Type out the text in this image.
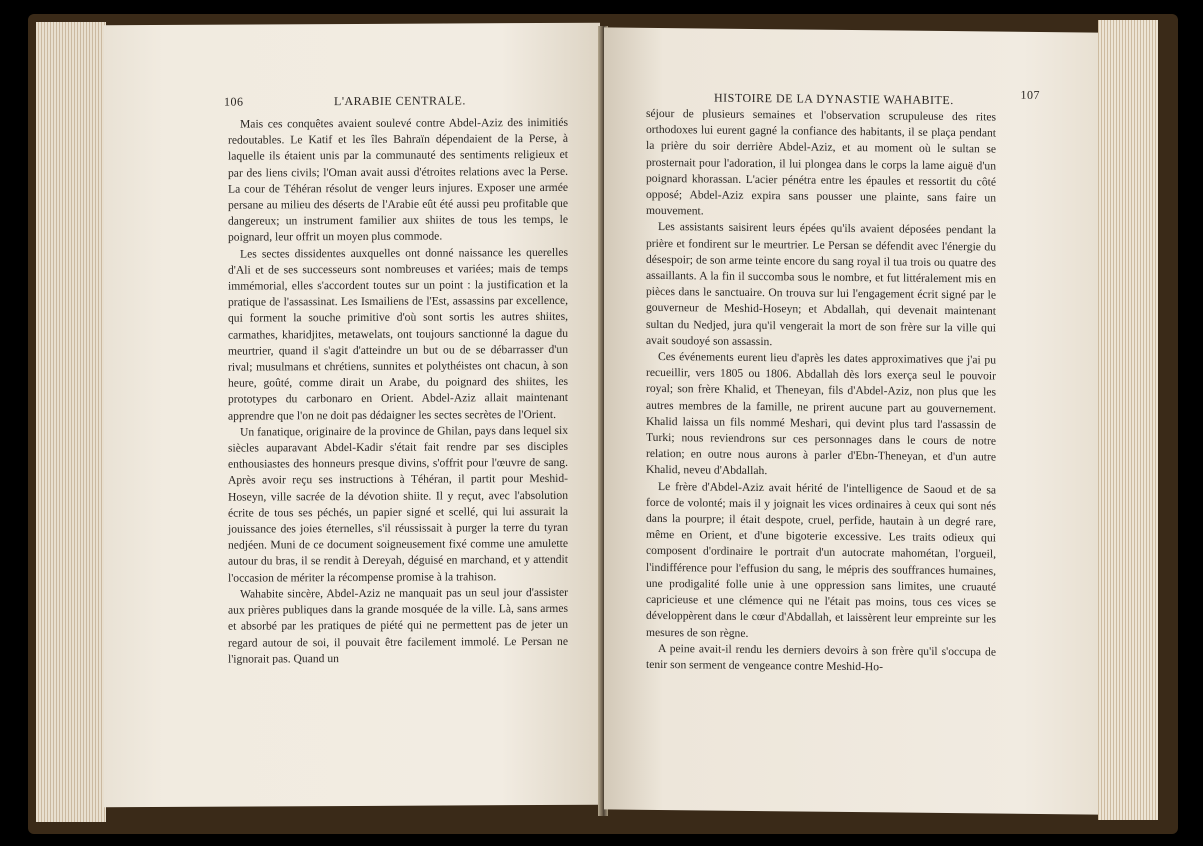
106	L'ARABIE CENTRALE.

Mais ces conquêtes avaient soulevé contre Abdel-Aziz des inimitiés redoutables. Le Katif et les îles Bahraïn dépendaient de la Perse, à laquelle ils étaient unis par la communauté des sentiments religieux et par des liens civils; l'Oman avait aussi d'étroites relations avec la Perse. La cour de Téhéran résolut de venger leurs injures. Exposer une armée persane au milieu des déserts de l'Arabie eût été aussi peu profitable que dangereux; un instrument familier aux shiites de tous les temps, le poignard, leur offrit un moyen plus commode.

Les sectes dissidentes auxquelles ont donné naissance les querelles d'Ali et de ses successeurs sont nombreuses et variées; mais de temps immémorial, elles s'accordent toutes sur un point : la justification et la pratique de l'assassinat. Les Ismailiens de l'Est, assassins par excellence, qui forment la souche primitive d'où sont sortis les autres shiites, carmathes, kharidjites, metawelats, ont toujours sanctionné la dague du meurtrier, quand il s'agit d'atteindre un but ou de se débarrasser d'un rival; musulmans et chrétiens, sunnites et polythéistes ont chacun, à son heure, goûté, comme dirait un Arabe, du poignard des shiites, les prototypes du carbonaro en Orient. Abdel-Aziz allait maintenant apprendre que l'on ne doit pas dédaigner les sectes secrètes de l'Orient.

Un fanatique, originaire de la province de Ghilan, pays dans lequel six siècles auparavant Abdel-Kadir s'était fait rendre par ses disciples enthousiastes des honneurs presque divins, s'offrit pour l'œuvre de sang. Après avoir reçu ses instructions à Téhéran, il partit pour Meshid-Hoseyn, ville sacrée de la dévotion shiite. Il y reçut, avec l'absolution écrite de tous ses péchés, un papier signé et scellé, qui lui assurait la jouissance des joies éternelles, s'il réussissait à purger la terre du tyran nedjéen. Muni de ce document soigneusement fixé comme une amulette autour du bras, il se rendit à Dereyah, déguisé en marchand, et y attendit l'occasion de mériter la récompense promise à la trahison.

Wahabite sincère, Abdel-Aziz ne manquait pas un seul jour d'assister aux prières publiques dans la grande mosquée de la ville. Là, sans armes et absorbé par les pratiques de piété qui ne permettent pas de jeter un regard autour de soi, il pouvait être facilement immolé. Le Persan ne l'ignorait pas. Quand un

HISTOIRE DE LA DYNASTIE WAHABITE.	107

séjour de plusieurs semaines et l'observation scrupuleuse des rites orthodoxes lui eurent gagné la confiance des habitants, il se plaça pendant la prière du soir derrière Abdel-Aziz, et au moment où le sultan se prosternait pour l'adoration, il lui plongea dans le corps la lame aiguë d'un poignard khorassan. L'acier pénétra entre les épaules et ressortit du côté opposé; Abdel-Aziz expira sans pousser une plainte, sans faire un mouvement.

Les assistants saisirent leurs épées qu'ils avaient déposées pendant la prière et fondirent sur le meurtrier. Le Persan se défendit avec l'énergie du désespoir; de son arme teinte encore du sang royal il tua trois ou quatre des assaillants. A la fin il succomba sous le nombre, et fut littéralement mis en pièces dans le sanctuaire. On trouva sur lui l'engagement écrit signé par le gouverneur de Meshid-Hoseyn; et Abdallah, qui devenait maintenant sultan du Nedjed, jura qu'il vengerait la mort de son frère sur la ville qui avait soudoyé son assassin.

Ces événements eurent lieu d'après les dates approximatives que j'ai pu recueillir, vers 1805 ou 1806. Abdallah dès lors exerça seul le pouvoir royal; son frère Khalid, et Theneyan, fils d'Abdel-Aziz, non plus que les autres membres de la famille, ne prirent aucune part au gouvernement. Khalid laissa un fils nommé Meshari, qui devint plus tard l'assassin de Turki; nous reviendrons sur ces personnages dans le cours de notre relation; en outre nous aurons à parler d'Ebn-Theneyan, et d'un autre Khalid, neveu d'Abdallah.

Le frère d'Abdel-Aziz avait hérité de l'intelligence de Saoud et de sa force de volonté; mais il y joignait les vices ordinaires à ceux qui sont nés dans la pourpre; il était despote, cruel, perfide, hautain à un degré rare, même en Orient, et d'une bigoterie excessive. Les traits odieux qui composent d'ordinaire le portrait d'un autocrate mahométan, l'orgueil, l'indifférence pour l'effusion du sang, le mépris des souffrances humaines, une prodigalité folle unie à une oppression sans limites, une cruauté capricieuse et une clémence qui ne l'était pas moins, tous ces vices se développèrent dans le cœur d'Abdallah, et laissèrent leur empreinte sur les mesures de son règne.

A peine avait-il rendu les derniers devoirs à son frère qu'il s'occupa de tenir son serment de vengeance contre Meshid-Ho-
